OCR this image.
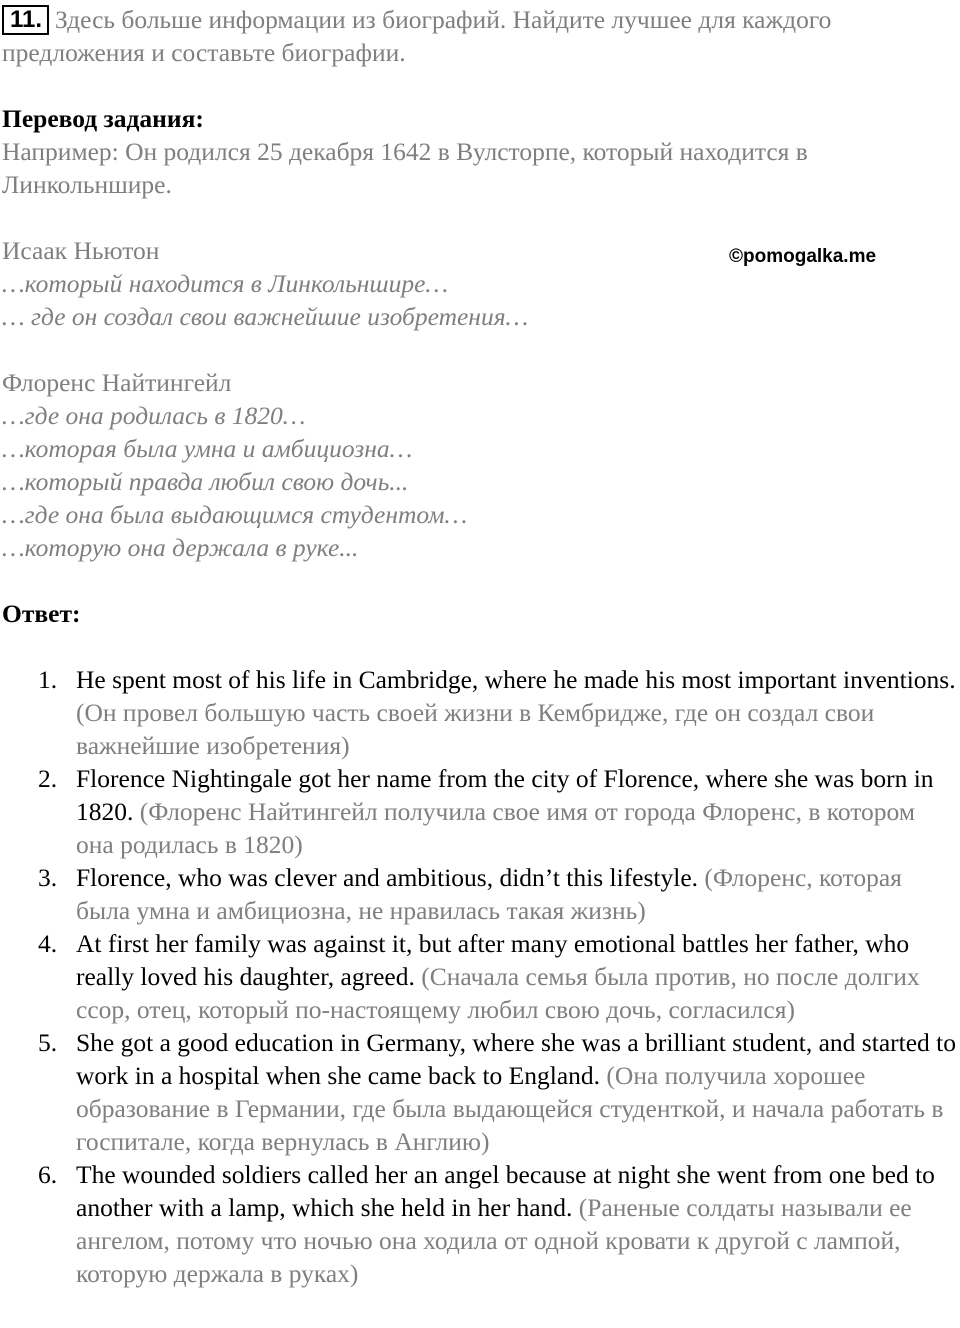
11. Здесь больше информации из биографий. Найдите лучшее для каждого предложения и составьте биографии.

Перевод задания:
Например: Он родился 25 декабря 1642 в Вулсторпе, который находится в Линкольншире.
Исаак Ньютон
…который находится в Линкольншире…
… где он создал свои важнейшие изобретения…
Флоренс Найтингейл
…где она родилась в 1820…
…которая была умна и амбициозна…
…который правда любил свою дочь...
…где она была выдающимся студентом…
…которую она держала в руке...
Ответ:
1. He spent most of his life in Cambridge, where he made his most important inventions. (Он провел большую часть своей жизни в Кембридже, где он создал свои важнейшие изобретения)
2. Florence Nightingale got her name from the city of Florence, where she was born in 1820. (Флоренс Найтингейл получила свое имя от города Флоренс, в котором она родилась в 1820)
3. Florence, who was clever and ambitious, didn’t this lifestyle. (Флоренс, которая была умна и амбициозна, не нравилась такая жизнь)
4. At first her family was against it, but after many emotional battles her father, who really loved his daughter, agreed. (Сначала семья была против, но после долгих ссор, отец, который по-настоящему любил свою дочь, согласился)
5. She got a good education in Germany, where she was a brilliant student, and started to work in a hospital when she came back to England. (Она получила хорошее образование в Германии, где была выдающейся студенткой, и начала работать в госпитале, когда вернулась в Англию)
6. The wounded soldiers called her an angel because at night she went from one bed to another with a lamp, which she held in her hand. (Раненые солдаты называли ее ангелом, потому что ночью она ходила от одной кровати к другой с лампой, которую держала в руках)
©pomogalka.me
